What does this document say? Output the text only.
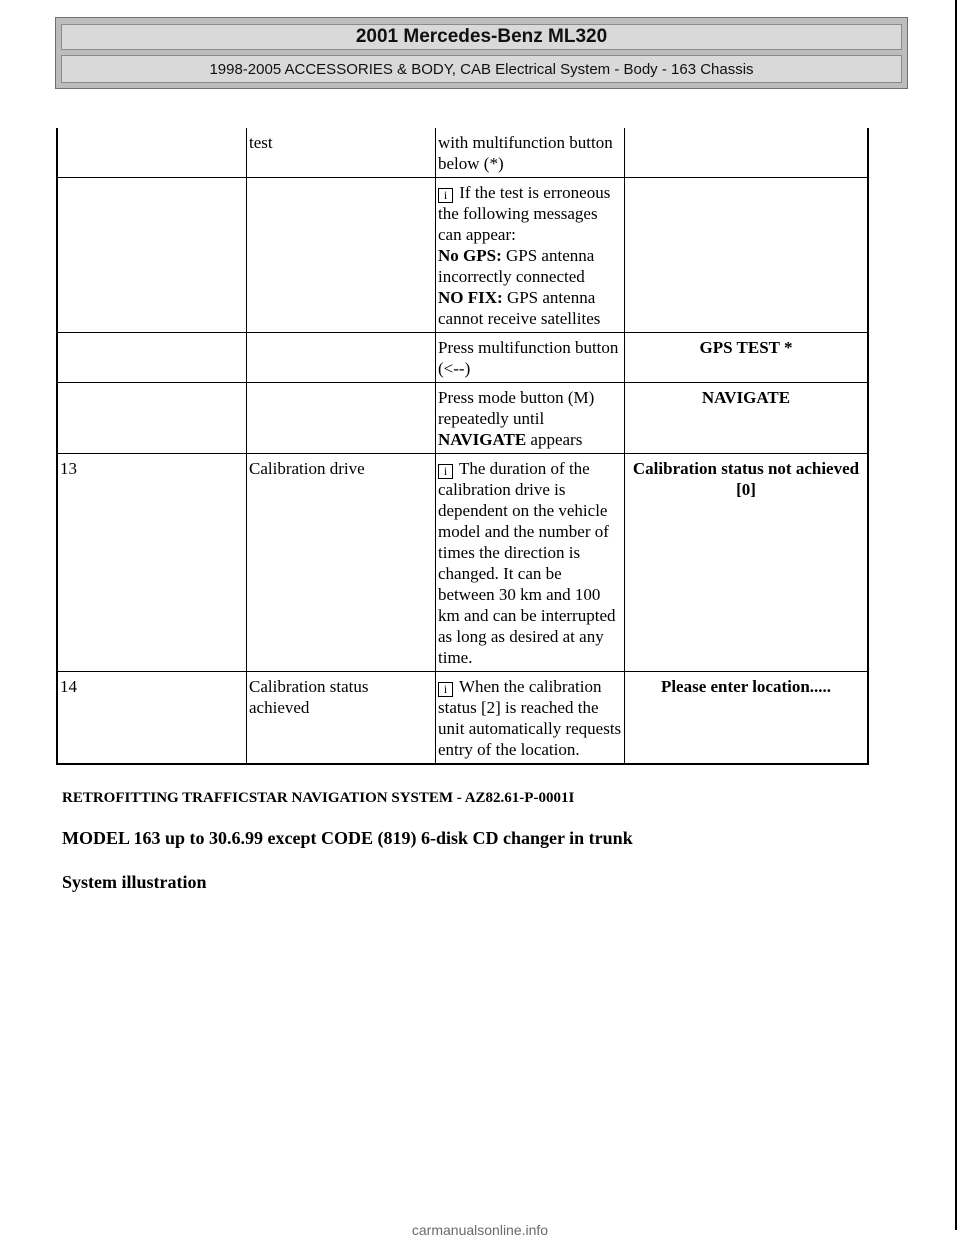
2001 Mercedes-Benz ML320
1998-2005 ACCESSORIES & BODY, CAB Electrical System - Body - 163 Chassis
	test	with multifunction button below (*)	
		i If the test is erroneous the following messages can appear:
No GPS: GPS antenna incorrectly connected
NO FIX: GPS antenna cannot receive satellites	
		Press multifunction button (<--)	GPS TEST *
		Press mode button (M) repeatedly until NAVIGATE appears	NAVIGATE
13	Calibration drive	iThe duration of the calibration drive is dependent on the vehicle model and the number of times the direction is changed. It can be between 30 km and 100 km and can be interrupted as long as desired at any time.	Calibration status not achieved [0]
14	Calibration status achieved	i When the calibration status [2] is reached the unit automatically requests entry of the location.	Please enter location.....
RETROFITTING TRAFFICSTAR NAVIGATION SYSTEM - AZ82.61-P-0001I
MODEL 163 up to 30.6.99 except CODE (819) 6-disk CD changer in trunk
System illustration
carmanualsonline.info
